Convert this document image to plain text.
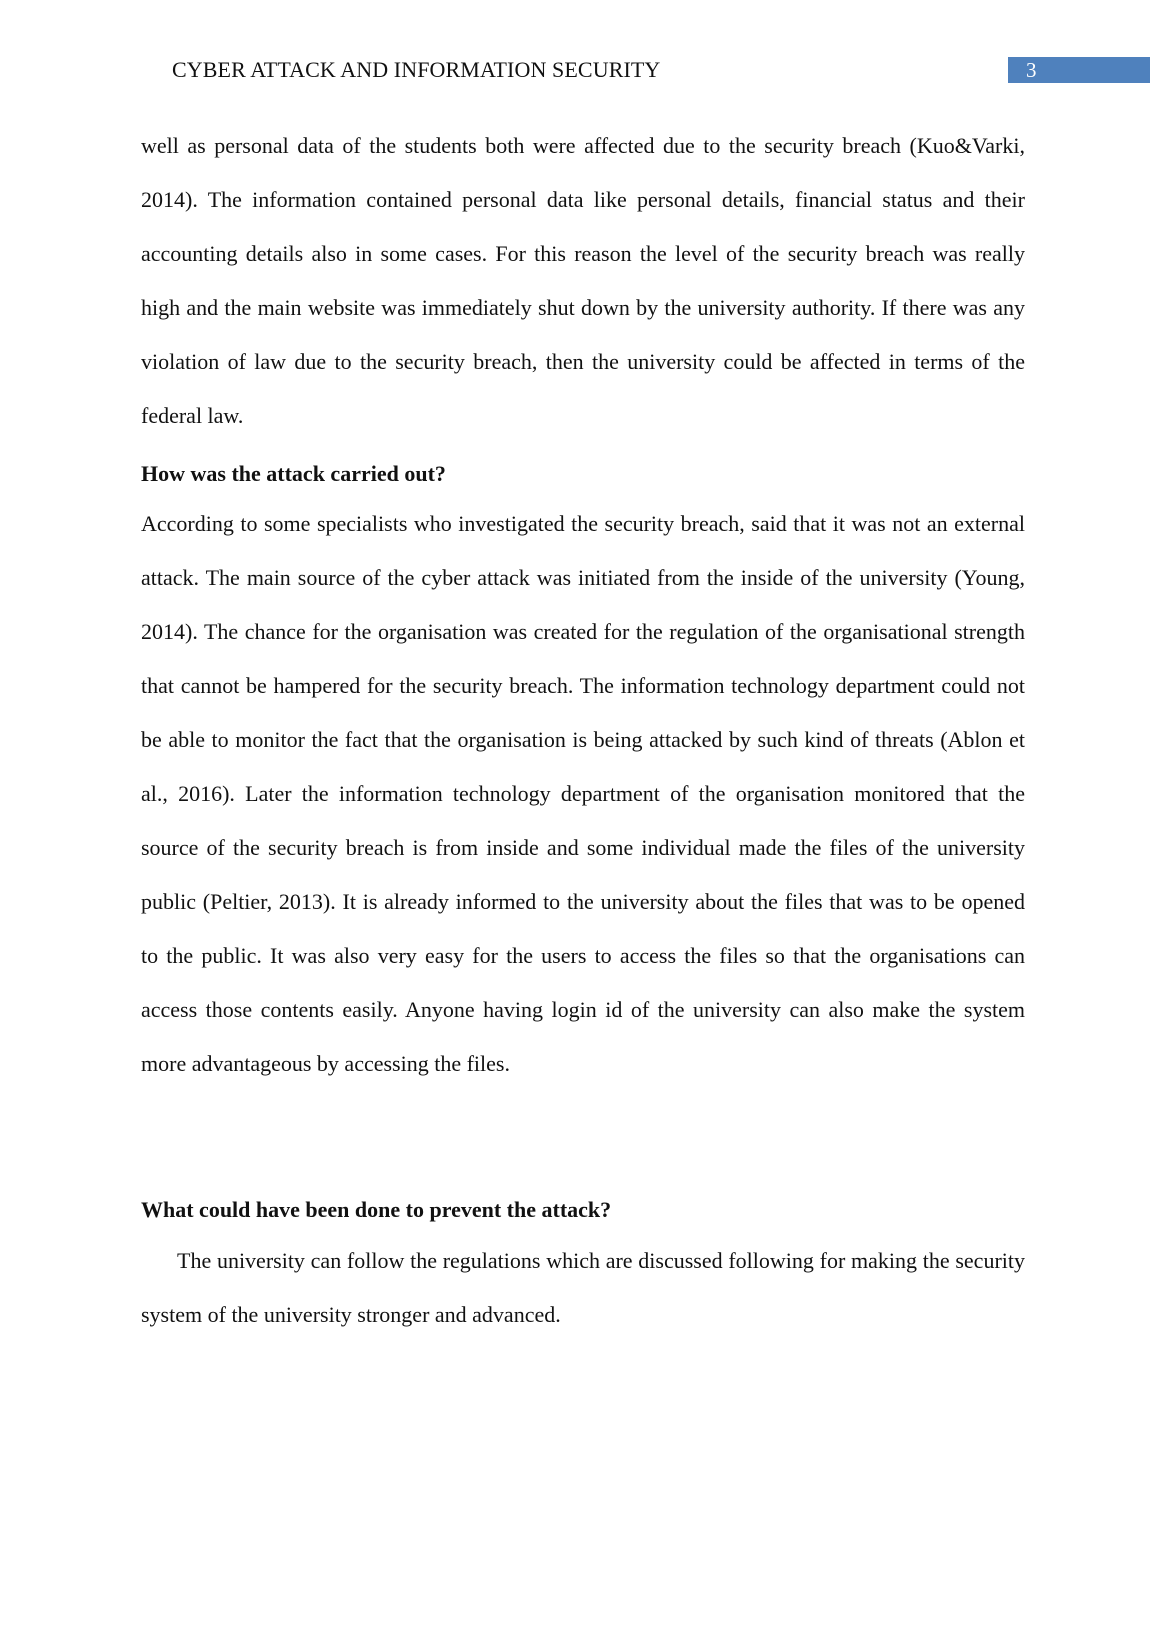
CYBER ATTACK AND INFORMATION SECURITY	3

well as personal data of the students both were affected due to the security breach (Kuo&Varki, 2014). The information contained personal data like personal details, financial status and their accounting details also in some cases. For this reason the level of the security breach was really high and the main website was immediately shut down by the university authority. If there was any violation of law due to the security breach, then the university could be affected in terms of the federal law.

How was the attack carried out?

According to some specialists who investigated the security breach, said that it was not an external attack. The main source of the cyber attack was initiated from the inside of the university (Young, 2014). The chance for the organisation was created for the regulation of the organisational strength that cannot be hampered for the security breach. The information technology department could not be able to monitor the fact that the organisation is being attacked by such kind of threats (Ablon et al., 2016). Later the information technology department of the organisation monitored that the source of the security breach is from inside and some individual made the files of the university public (Peltier, 2013). It is already informed to the university about the files that was to be opened to the public. It was also very easy for the users to access the files so that the organisations can access those contents easily. Anyone having login id of the university can also make the system more advantageous by accessing the files.

What could have been done to prevent the attack?

The university can follow the regulations which are discussed following for making the security system of the university stronger and advanced.
